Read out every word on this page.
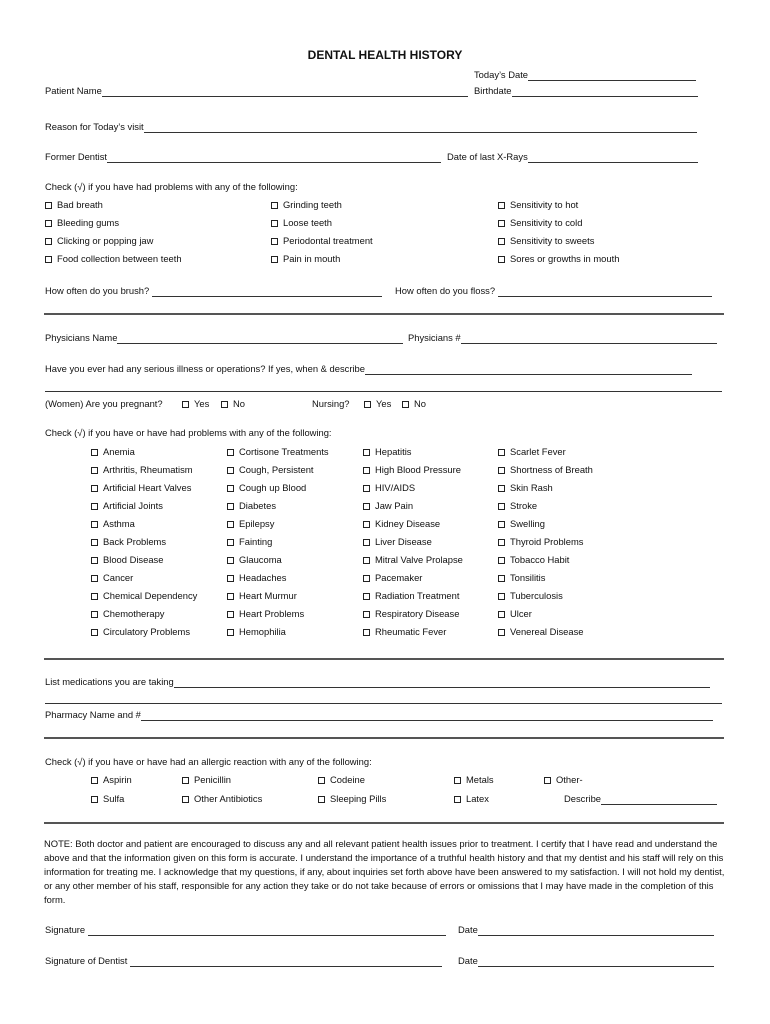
DENTAL HEALTH HISTORY
Today’s Date
Patient Name	Birthdate
Reason for Today’s visit
Former Dentist	Date of last X-Rays
Check (√) if you have had problems with any of the following:
Bad breath
Bleeding gums
Clicking or popping jaw
Food collection between teeth
Grinding teeth
Loose teeth
Periodontal treatment
Pain in mouth
Sensitivity to hot
Sensitivity to cold
Sensitivity to sweets
Sores or growths in mouth
How often do you brush?	How often do you floss?
Physicians Name	Physicians #
Have you ever had any serious illness or operations? If yes, when & describe
(Women) Are you pregnant?	Yes	No	Nursing?	Yes	No
Check (√) if you have or have had problems with any of the following:
Anemia
Arthritis, Rheumatism
Artificial Heart Valves
Artificial Joints
Asthma
Back Problems
Blood Disease
Cancer
Chemical Dependency
Chemotherapy
Circulatory Problems
Cortisone Treatments
Cough, Persistent
Cough up Blood
Diabetes
Epilepsy
Fainting
Glaucoma
Headaches
Heart Murmur
Heart Problems
Hemophilia
Hepatitis
High Blood Pressure
HIV/AIDS
Jaw Pain
Kidney Disease
Liver Disease
Mitral Valve Prolapse
Pacemaker
Radiation Treatment
Respiratory Disease
Rheumatic Fever
Scarlet Fever
Shortness of Breath
Skin Rash
Stroke
Swelling
Thyroid Problems
Tobacco Habit
Tonsilitis
Tuberculosis
Ulcer
Venereal Disease
List medications you are taking
Pharmacy Name and #
Check (√) if you have or have had an allergic reaction with any of the following:
Aspirin	Penicillin	Codeine	Metals	Other-
Sulfa	Other Antibiotics	Sleeping Pills	Latex	Describe
NOTE: Both doctor and patient are encouraged to discuss any and all relevant patient health issues prior to treatment. I certify that I have read and understand the above and that the information given on this form is accurate. I understand the importance of a truthful health history and that my dentist and his staff will rely on this information for treating me. I acknowledge that my questions, if any, about inquiries set forth above have been answered to my satisfaction. I will not hold my dentist, or any other member of his staff, responsible for any action they take or do not take because of errors or omissions that I may have made in the completion of this form.
Signature	Date
Signature of Dentist	Date
